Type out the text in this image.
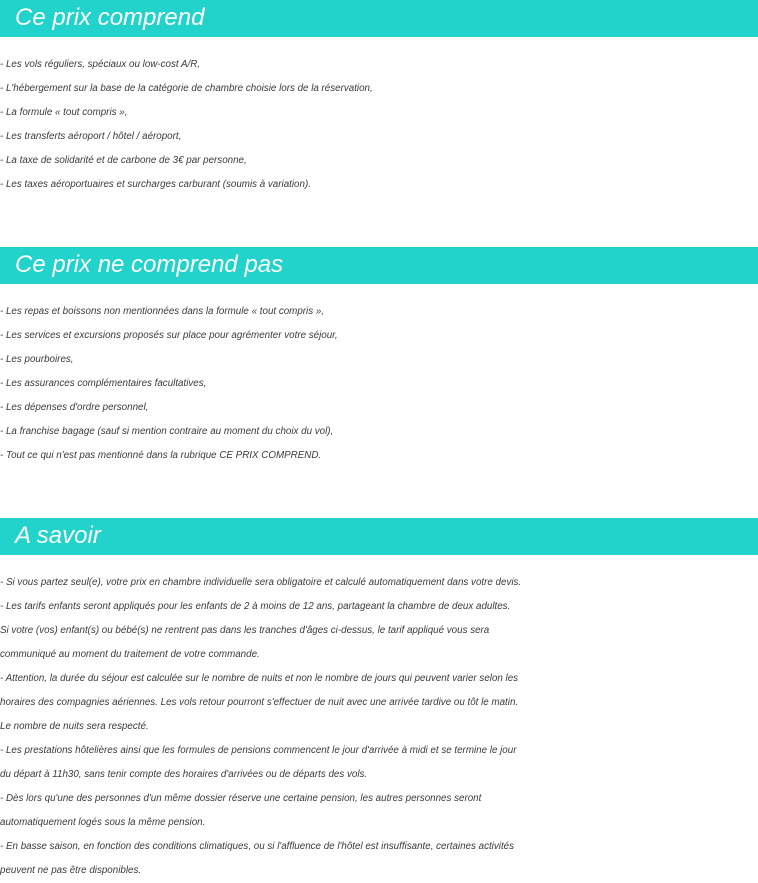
Ce prix comprend
- Les vols réguliers, spéciaux ou low-cost A/R,
- L'hébergement sur la base de la catégorie de chambre choisie lors de la réservation,
- La formule « tout compris »,
- Les transferts aéroport / hôtel / aéroport,
- La taxe de solidarité et de carbone de 3€ par personne,
- Les taxes aéroportuaires et surcharges carburant (soumis à variation).
Ce prix ne comprend pas
- Les repas et boissons non mentionnées dans la formule « tout compris »,
- Les services et excursions proposés sur place pour agrémenter votre séjour,
- Les pourboires,
- Les assurances complémentaires facultatives,
- Les dépenses d'ordre personnel,
- La franchise bagage (sauf si mention contraire au moment du choix du vol),
- Tout ce qui n'est pas mentionné dans la rubrique CE PRIX COMPREND.
A savoir
- Si vous partez seul(e), votre prix en chambre individuelle sera obligatoire et calculé automatiquement dans votre devis.
- Les tarifs enfants seront appliqués pour les enfants de 2 à moins de 12 ans, partageant la chambre de deux adultes.
Si votre (vos) enfant(s) ou bébé(s) ne rentrent pas dans les tranches d'âges ci-dessus, le tarif appliqué vous sera
communiqué au moment du traitement de votre commande.
- Attention, la durée du séjour est calculée sur le nombre de nuits et non le nombre de jours qui peuvent varier selon les
horaires des compagnies aériennes. Les vols retour pourront s'effectuer de nuit avec une arrivée tardive ou tôt le matin.
Le nombre de nuits sera respecté.
- Les prestations hôtelières ainsi que les formules de pensions commencent le jour d'arrivée à midi et se termine le jour
du départ à 11h30, sans tenir compte des horaires d'arrivées ou de départs des vols.
- Dès lors qu'une des personnes d'un même dossier réserve une certaine pension, les autres personnes seront
automatiquement logés sous la même pension.
- En basse saison, en fonction des conditions climatiques, ou si l'affluence de l'hôtel est insuffisante, certaines activités
peuvent ne pas être disponibles.
